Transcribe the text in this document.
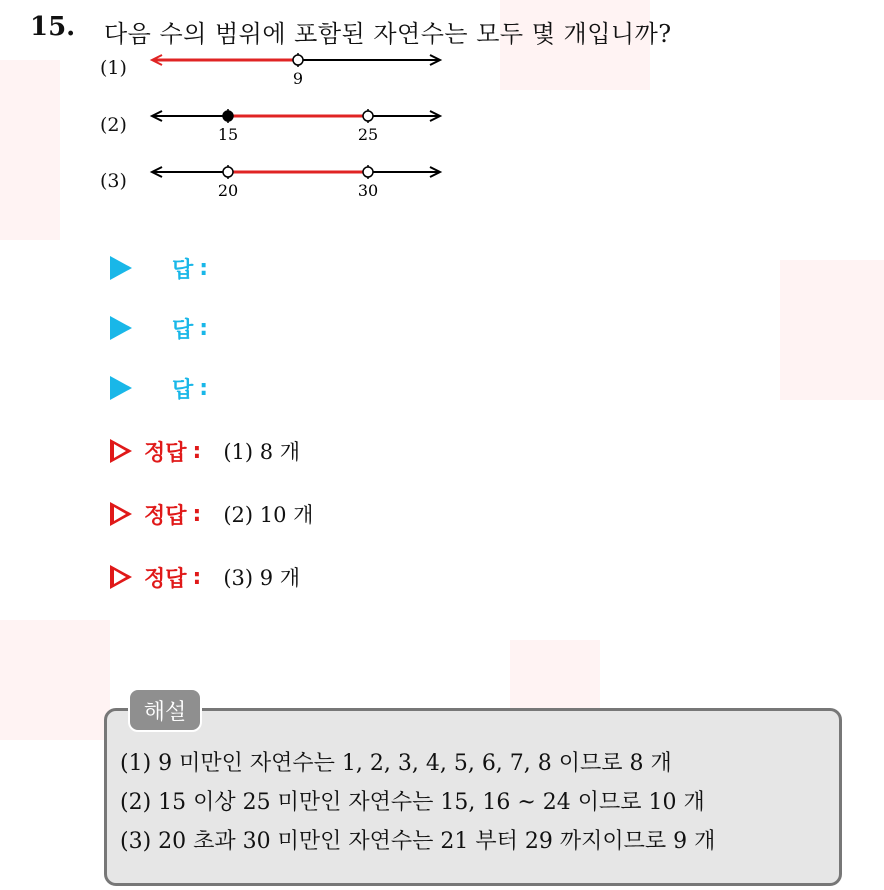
15. 다음 수의 범위에 포함된 자연수는 모두 몇 개입니까?
(1)	9
(2)	15	25
(3)	20	30
답 :
답 :
답 :
정답 : (1) 8 개
정답 : (2) 10 개
정답 : (3) 9 개
해설
(1) 9 미만인 자연수는 1, 2, 3, 4, 5, 6, 7, 8 이므로 8 개
(2) 15 이상 25 미만인 자연수는 15, 16 ~ 24 이므로 10 개
(3) 20 초과 30 미만인 자연수는 21 부터 29 까지이므로 9 개
